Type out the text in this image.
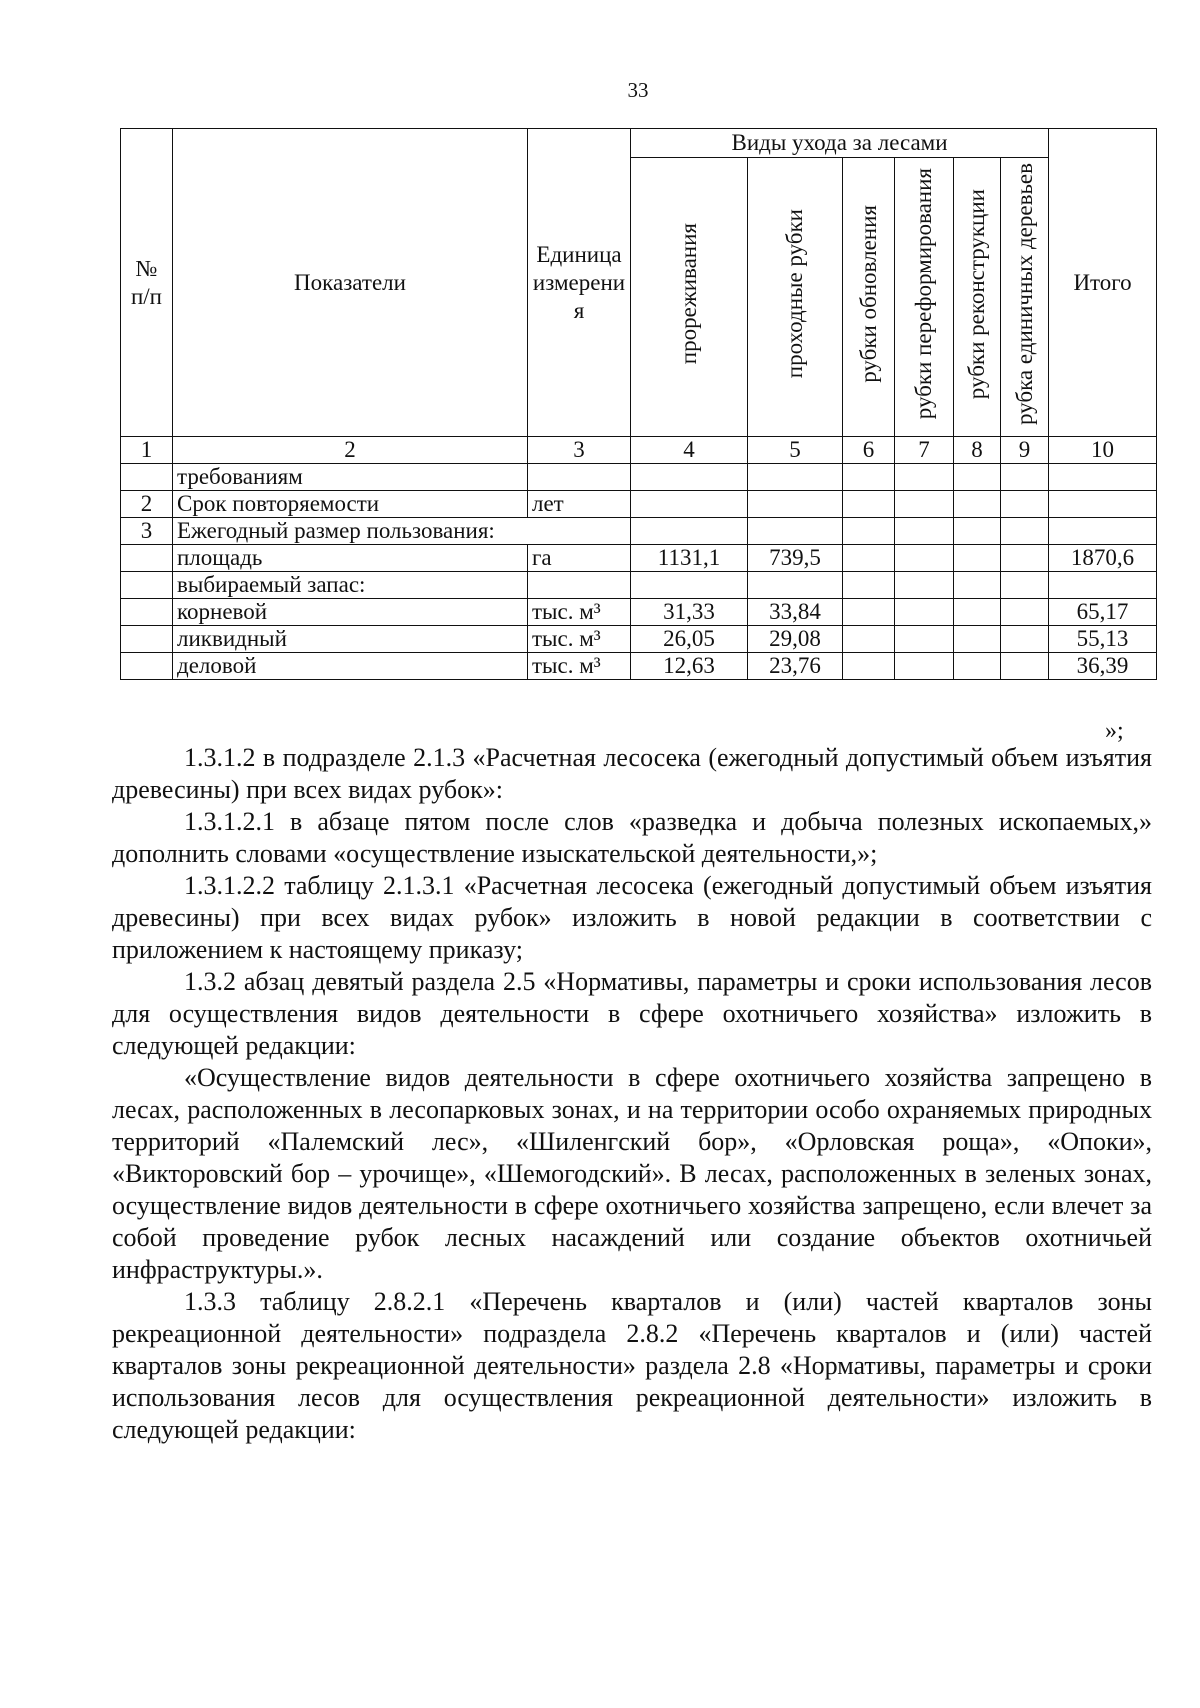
33
№
п/п	Показатели	Единица измерени я	Виды ухода за лесами						Итого
			прореживания	проходные рубки	рубки обновления	рубки переформирования	рубки реконструкции	рубка единичных деревьев	
1	2	3	4	5	6	7	8	9	10
	требованиям								
2	Срок повторяемости	лет							
3	Ежегодный размер пользования:								
	площадь	га	1131,1	739,5					1870,6
	выбираемый запас:								
	корневой	тыс. м³	31,33	33,84					65,17
	ликвидный	тыс. м³	26,05	29,08					55,13
	деловой	тыс. м³	12,63	23,76					36,39
»;

1.3.1.2 в подразделе 2.1.3 «Расчетная лесосека (ежегодный допустимый объем изъятия древесины) при всех видах рубок»:

1.3.1.2.1 в абзаце пятом после слов «разведка и добыча полезных ископаемых,» дополнить словами «осуществление изыскательской деятельности,»;

1.3.1.2.2 таблицу 2.1.3.1 «Расчетная лесосека (ежегодный допустимый объем изъятия древесины) при всех видах рубок» изложить в новой редакции в соответствии с приложением к настоящему приказу;

1.3.2 абзац девятый раздела 2.5 «Нормативы, параметры и сроки использования лесов для осуществления видов деятельности в сфере охотничьего хозяйства» изложить в следующей редакции:

«Осуществление видов деятельности в сфере охотничьего хозяйства запрещено в лесах, расположенных в лесопарковых зонах, и на территории особо охраняемых природных территорий «Палемский лес», «Шиленгский бор», «Орловская роща», «Опоки», «Викторовский бор – урочище», «Шемогодский». В лесах, расположенных в зеленых зонах, осуществление видов деятельности в сфере охотничьего хозяйства запрещено, если влечет за собой проведение рубок лесных насаждений или создание объектов охотничьей инфраструктуры.».

1.3.3 таблицу 2.8.2.1 «Перечень кварталов и (или) частей кварталов зоны рекреационной деятельности» подраздела 2.8.2 «Перечень кварталов и (или) частей кварталов зоны рекреационной деятельности» раздела 2.8 «Нормативы, параметры и сроки использования лесов для осуществления рекреационной деятельности» изложить в следующей редакции:
